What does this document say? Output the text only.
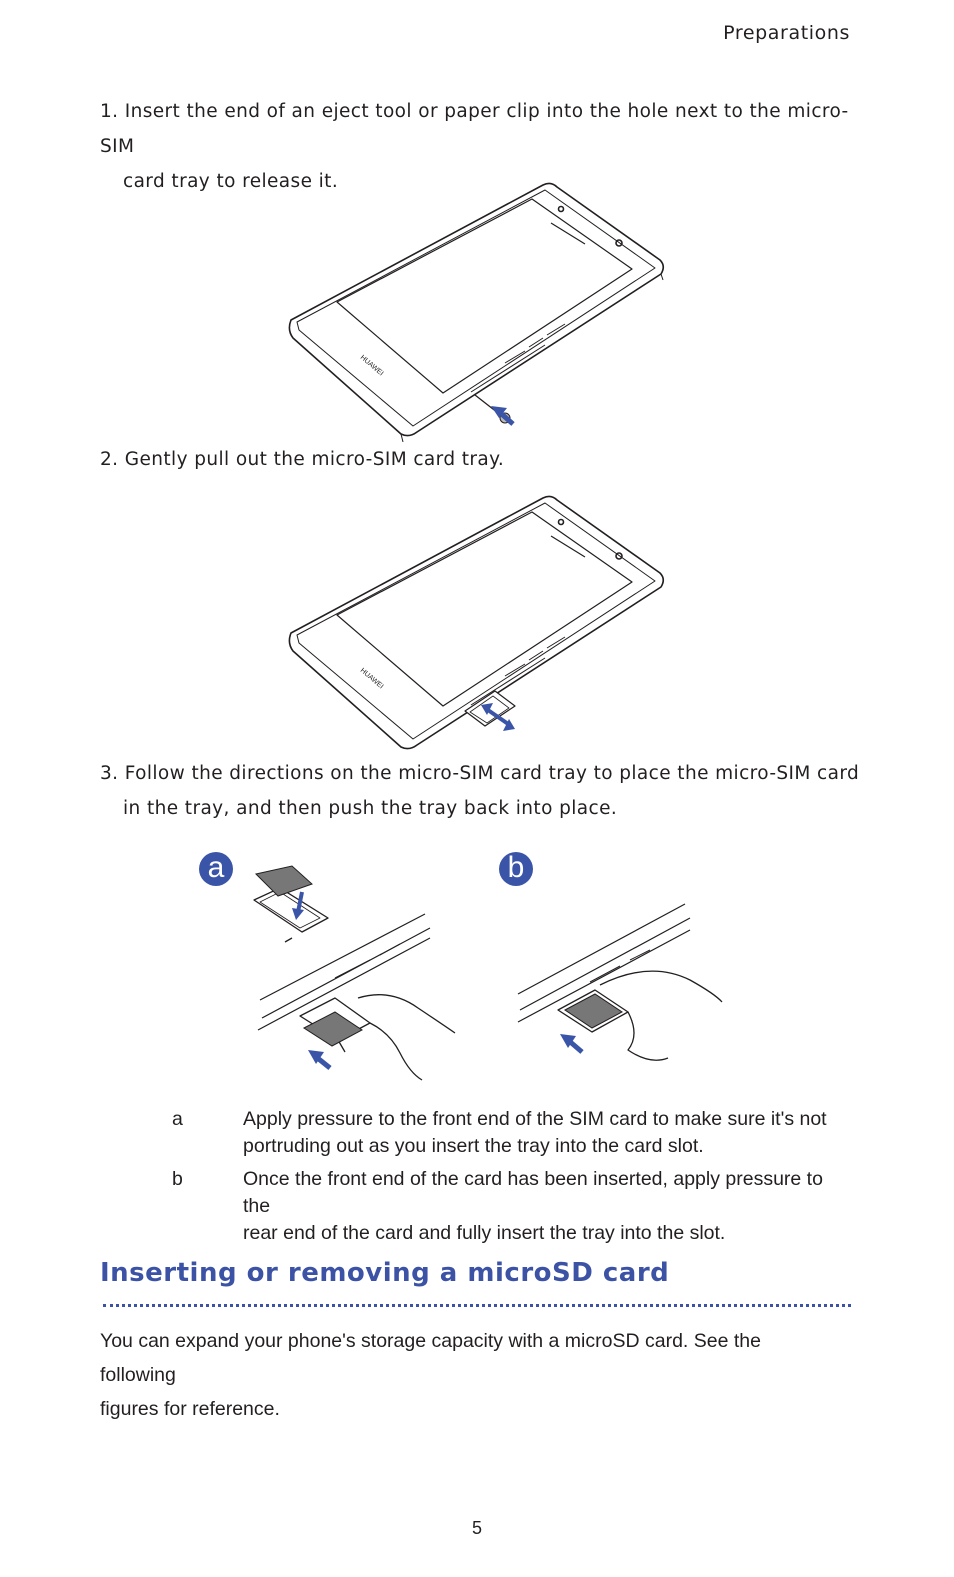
Preparations
1. Insert the end of an eject tool or paper clip into the hole next to the micro-SIM
card tray to release it.
HUAWEI
2. Gently pull out the micro-SIM card tray.
HUAWEI
3. Follow the directions on the micro-SIM card tray to place the micro-SIM card
in the tray, and then push the tray back into place.
a	b
a	Apply pressure to the front end of the SIM card to make sure it's not
portruding out as you insert the tray into the card slot.
b	Once the front end of the card has been inserted, apply pressure to the
rear end of the card and fully insert the tray into the slot.
Inserting or removing a microSD card
You can expand your phone's storage capacity with a microSD card. See the following
figures for reference.
5
